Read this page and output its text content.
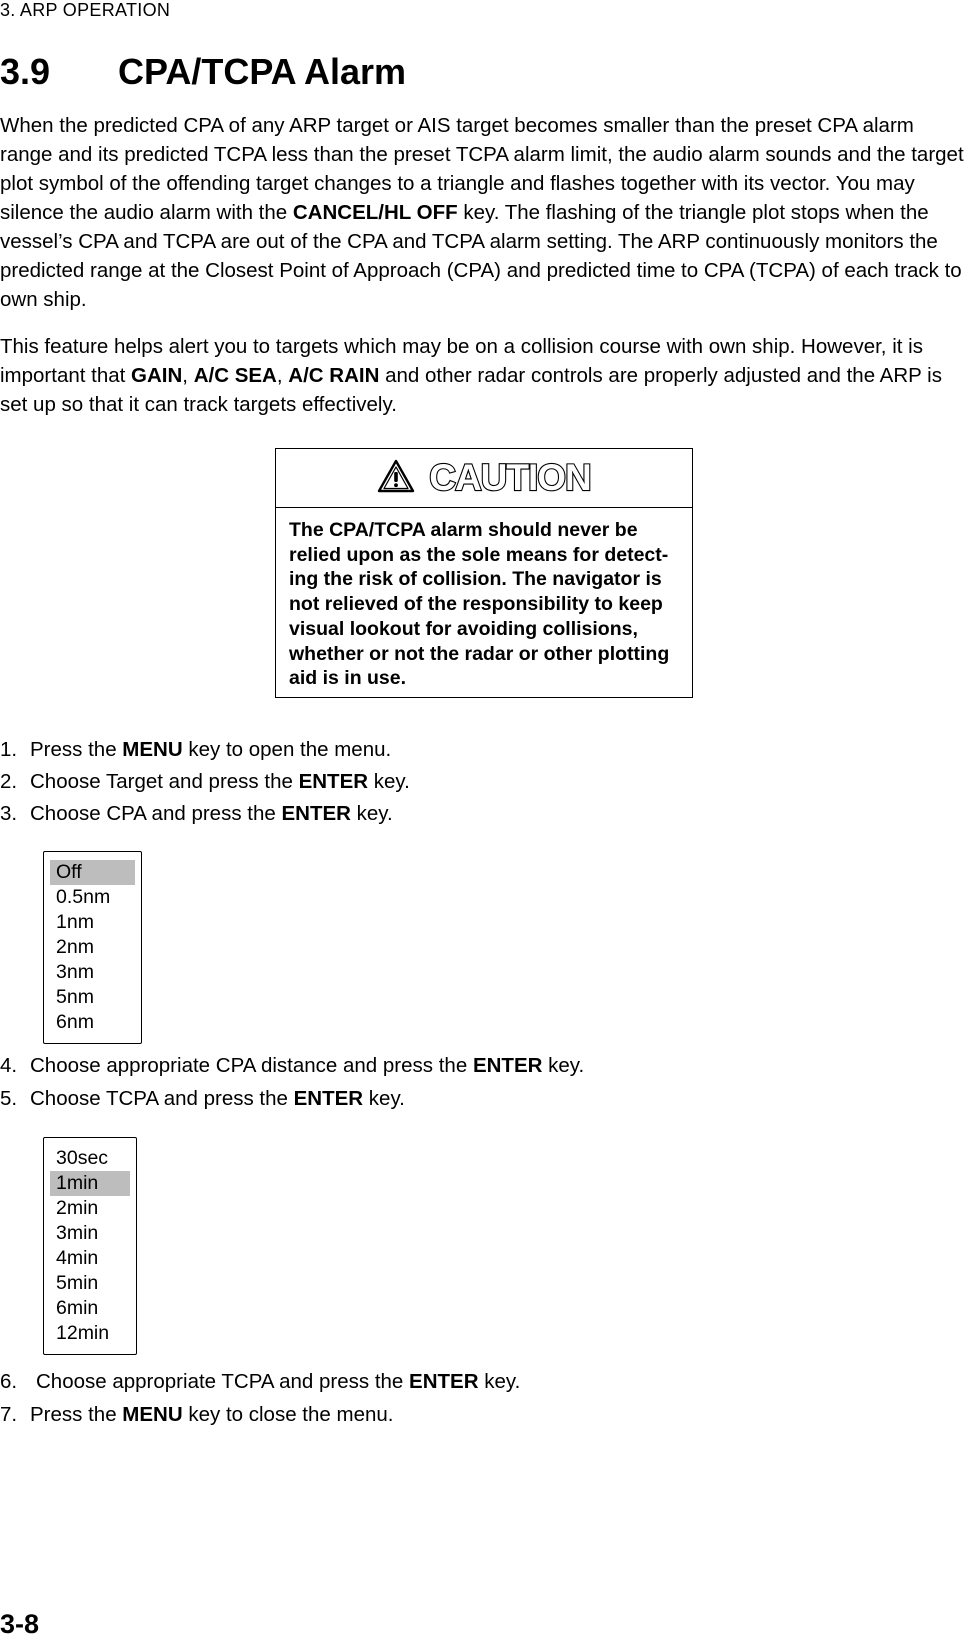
3. ARP OPERATION
3.9 CPA/TCPA Alarm

When the predicted CPA of any ARP target or AIS target becomes smaller than the preset CPA alarm range and its predicted TCPA less than the preset TCPA alarm limit, the audio alarm sounds and the target plot symbol of the offending target changes to a triangle and flashes together with its vector. You may silence the audio alarm with the CANCEL/HL OFF key. The flashing of the triangle plot stops when the vessel’s CPA and TCPA are out of the CPA and TCPA alarm setting. The ARP continuously monitors the predicted range at the Closest Point of Approach (CPA) and predicted time to CPA (TCPA) of each track to own ship.

This feature helps alert you to targets which may be on a collision course with own ship. However, it is important that GAIN, A/C SEA, A/C RAIN and other radar controls are properly adjusted and the ARP is set up so that it can track targets effectively.

CAUTION

The CPA/TCPA alarm should never be relied upon as the sole means for detect-ing the risk of collision. The navigator is not relieved of the responsibility to keep visual lookout for avoiding collisions, whether or not the radar or other plotting aid is in use.

1. Press the MENU key to open the menu.

2. Choose Target and press the ENTER key.

3. Choose CPA and press the ENTER key.

Off
0.5nm
1nm
2nm
3nm
5nm
6nm

4. Choose appropriate CPA distance and press the ENTER key.

5. Choose TCPA and press the ENTER key.

30sec
1min
2min
3min
4min
5min
6min
12min

6. Choose appropriate TCPA and press the ENTER key.

7. Press the MENU key to close the menu.

3-8
